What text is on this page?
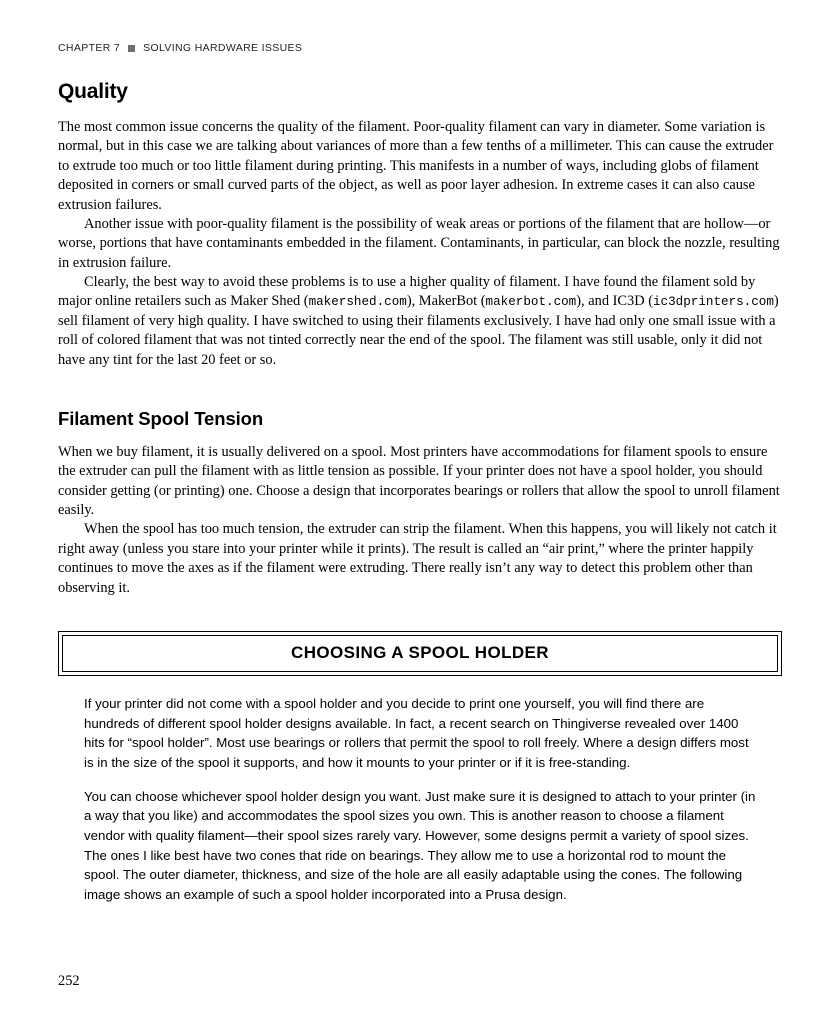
CHAPTER 7 SOLVING HARDWARE ISSUES
Quality

The most common issue concerns the quality of the filament. Poor-quality filament can vary in diameter. Some variation is normal, but in this case we are talking about variances of more than a few tenths of a millimeter. This can cause the extruder to extrude too much or too little filament during printing. This manifests in a number of ways, including globs of filament deposited in corners or small curved parts of the object, as well as poor layer adhesion. In extreme cases it can also cause extrusion failures.

Another issue with poor-quality filament is the possibility of weak areas or portions of the filament that are hollow—or worse, portions that have contaminants embedded in the filament. Contaminants, in particular, can block the nozzle, resulting in extrusion failure.

Clearly, the best way to avoid these problems is to use a higher quality of filament. I have found the filament sold by major online retailers such as Maker Shed (makershed.com), MakerBot (makerbot.com), and IC3D (ic3dprinters.com) sell filament of very high quality. I have switched to using their filaments exclusively. I have had only one small issue with a roll of colored filament that was not tinted correctly near the end of the spool. The filament was still usable, only it did not have any tint for the last 20 feet or so.

Filament Spool Tension

When we buy filament, it is usually delivered on a spool. Most printers have accommodations for filament spools to ensure the extruder can pull the filament with as little tension as possible. If your printer does not have a spool holder, you should consider getting (or printing) one. Choose a design that incorporates bearings or rollers that allow the spool to unroll filament easily.

When the spool has too much tension, the extruder can strip the filament. When this happens, you will likely not catch it right away (unless you stare into your printer while it prints). The result is called an “air print,” where the printer happily continues to move the axes as if the filament were extruding. There really isn’t any way to detect this problem other than observing it.

CHOOSING A SPOOL HOLDER

If your printer did not come with a spool holder and you decide to print one yourself, you will find there are hundreds of different spool holder designs available. In fact, a recent search on Thingiverse revealed over 1400 hits for “spool holder”. Most use bearings or rollers that permit the spool to roll freely. Where a design differs most is in the size of the spool it supports, and how it mounts to your printer or if it is free-standing.

You can choose whichever spool holder design you want. Just make sure it is designed to attach to your printer (in a way that you like) and accommodates the spool sizes you own. This is another reason to choose a filament vendor with quality filament—their spool sizes rarely vary. However, some designs permit a variety of spool sizes. The ones I like best have two cones that ride on bearings. They allow me to use a horizontal rod to mount the spool. The outer diameter, thickness, and size of the hole are all easily adaptable using the cones. The following image shows an example of such a spool holder incorporated into a Prusa design.

252
